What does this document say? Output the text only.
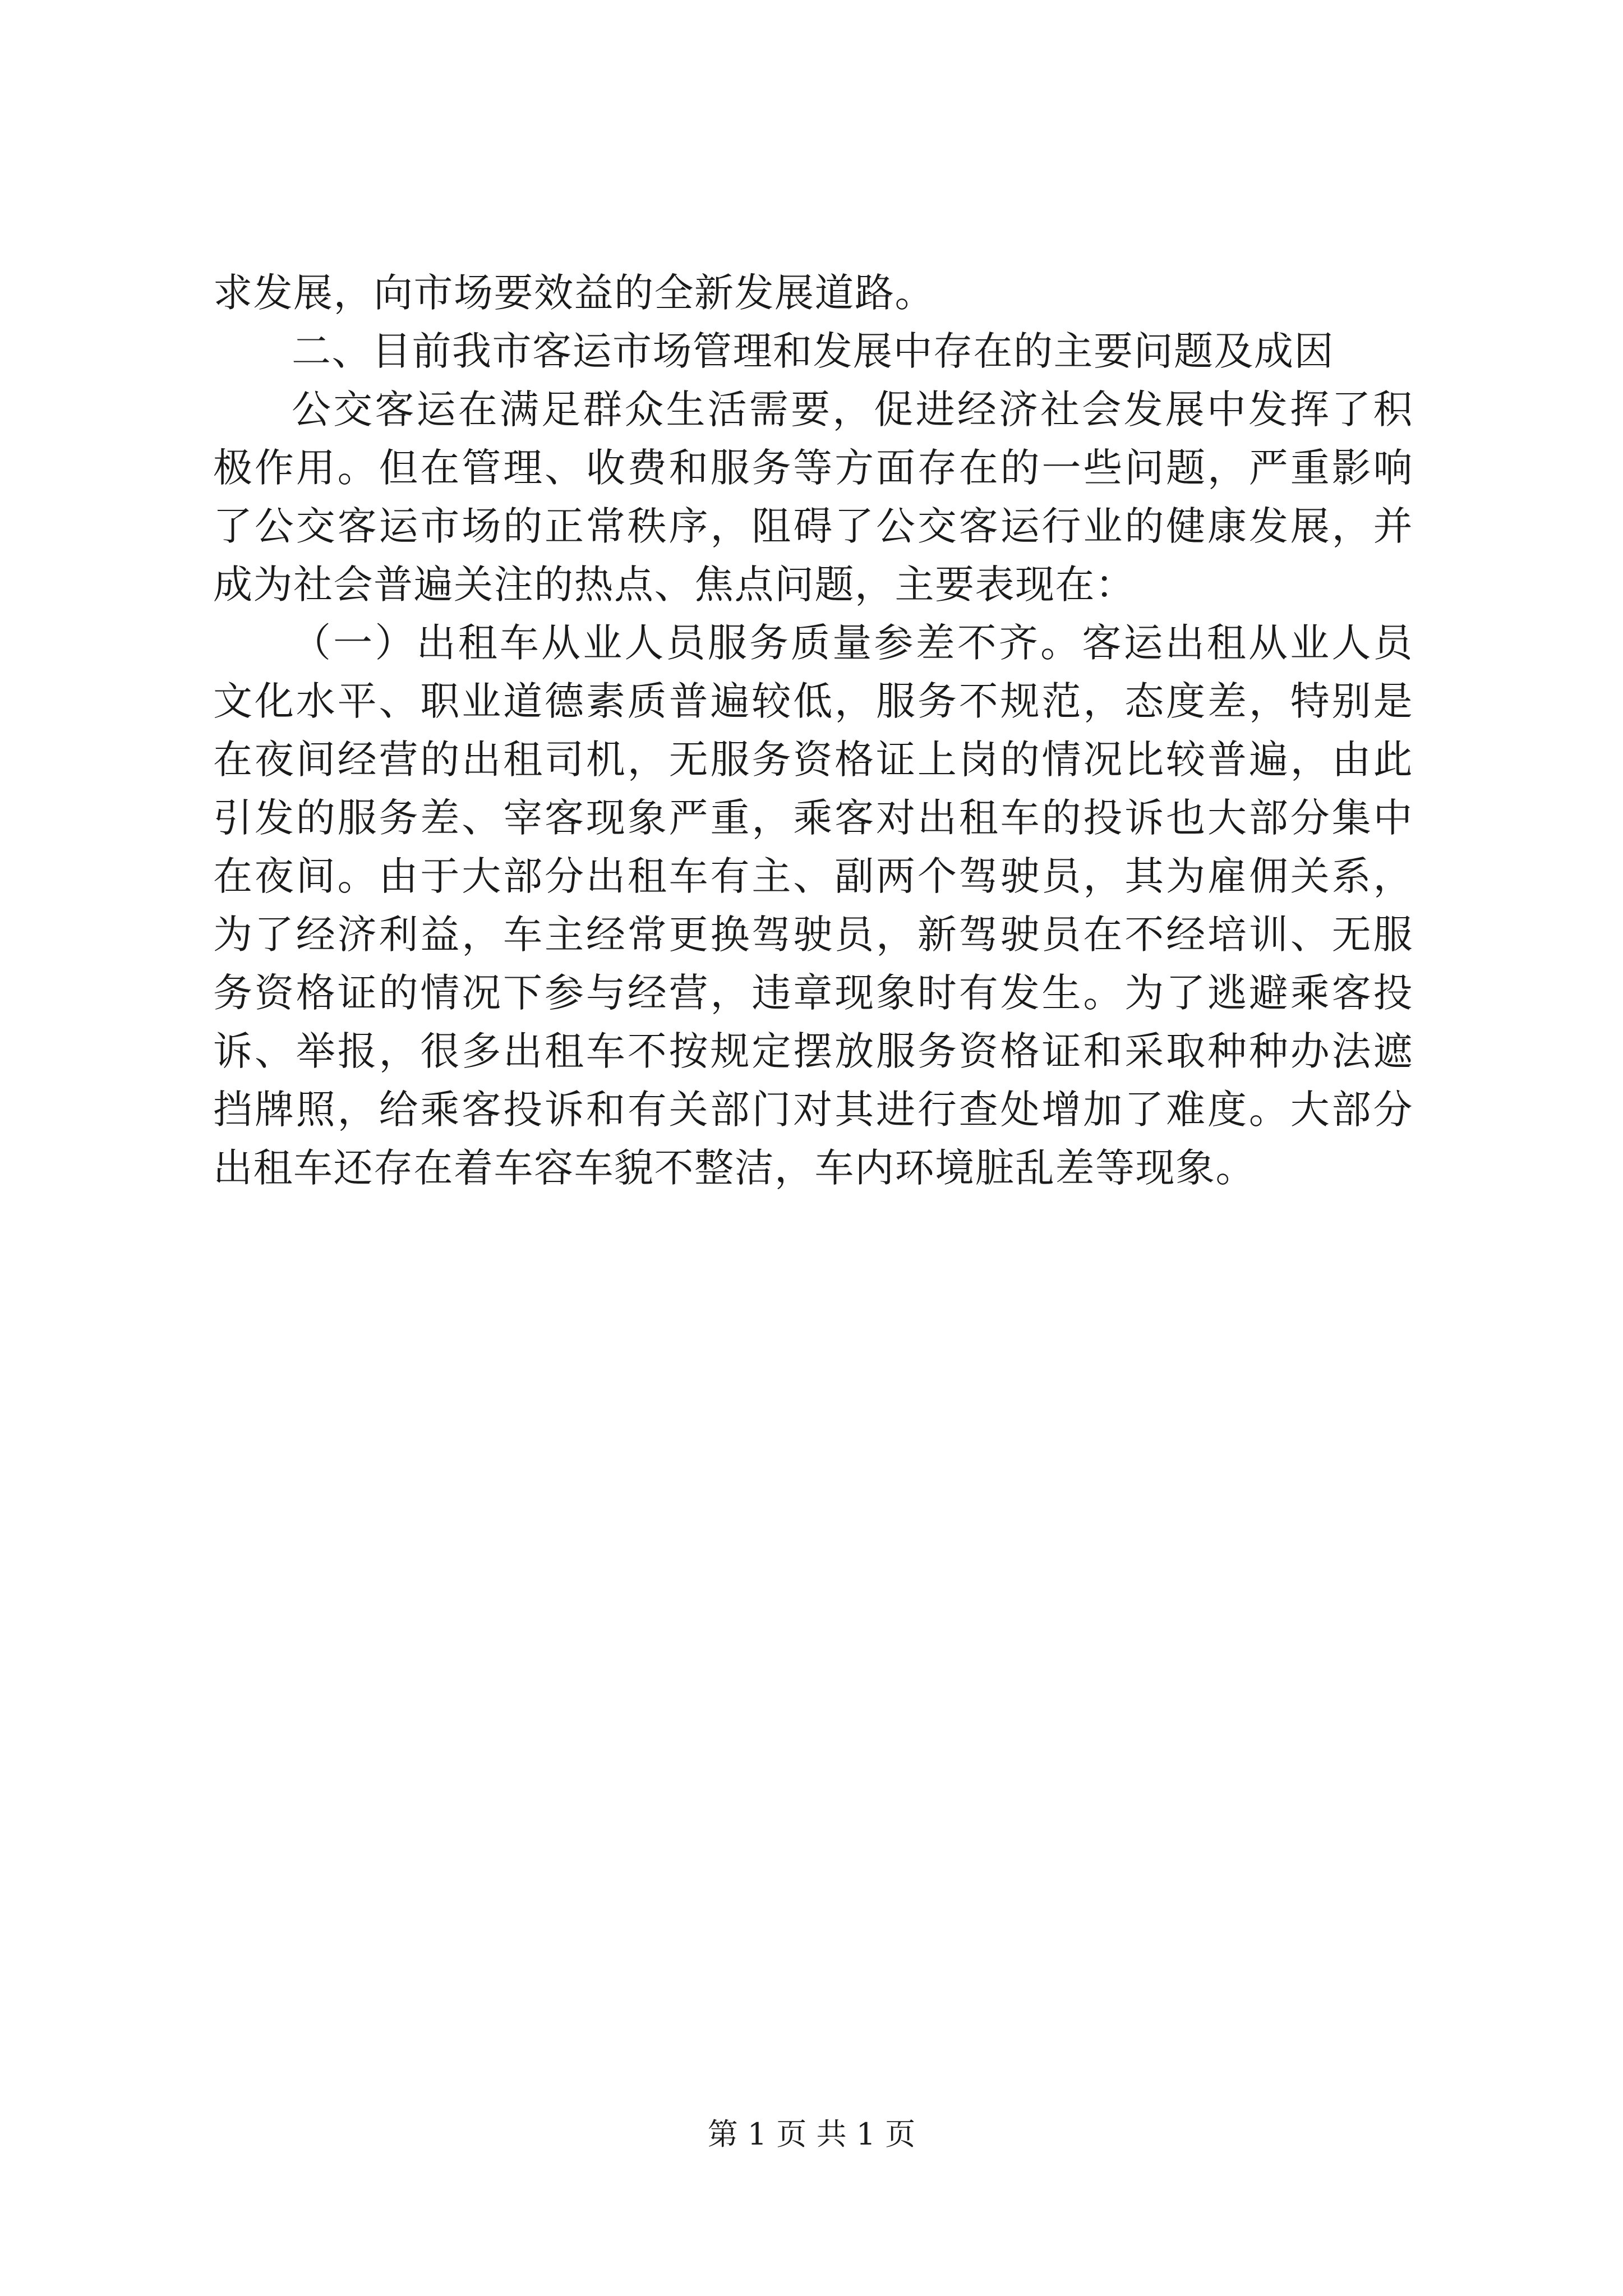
求发展，向市场要效益的全新发展道路。

二、目前我市客运市场管理和发展中存在的主要问题及成因

公交客运在满足群众生活需要，促进经济社会发展中发挥了积极作用。但在管理、收费和服务等方面存在的一些问题，严重影响了公交客运市场的正常秩序，阻碍了公交客运行业的健康发展，并成为社会普遍关注的热点、焦点问题，主要表现在：

（一）出租车从业人员服务质量参差不齐。客运出租从业人员文化水平、职业道德素质普遍较低，服务不规范，态度差，特别是在夜间经营的出租司机，无服务资格证上岗的情况比较普遍，由此引发的服务差、宰客现象严重，乘客对出租车的投诉也大部分集中在夜间。由于大部分出租车有主、副两个驾驶员，其为雇佣关系，为了经济利益，车主经常更换驾驶员，新驾驶员在不经培训、无服务资格证的情况下参与经营，违章现象时有发生。为了逃避乘客投诉、举报，很多出租车不按规定摆放服务资格证和采取种种办法遮挡牌照，给乘客投诉和有关部门对其进行查处增加了难度。大部分出租车还存在着车容车貌不整洁，车内环境脏乱差等现象。

第 1 页 共 1 页
